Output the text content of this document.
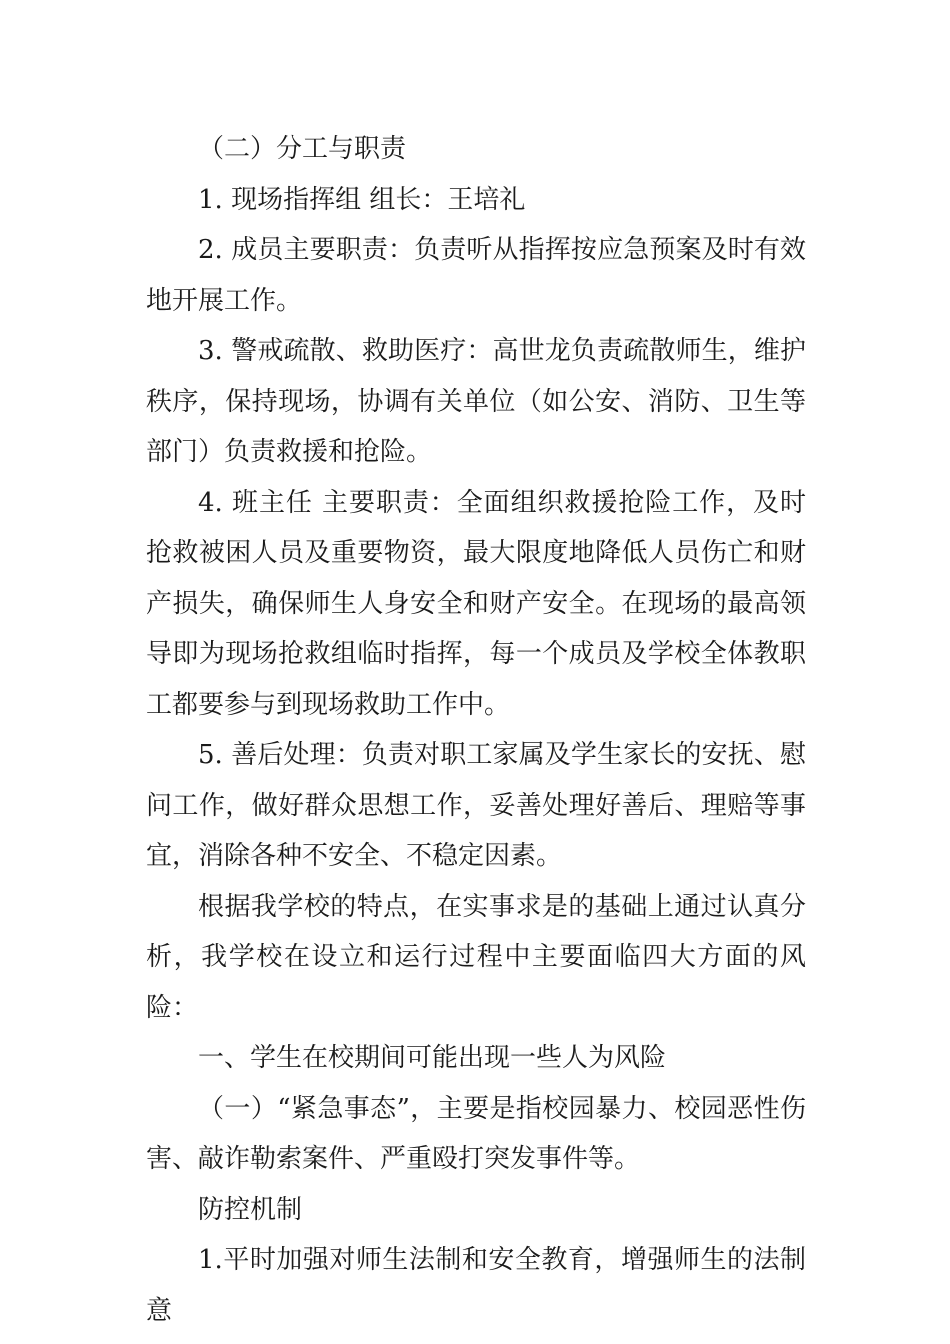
（二）分工与职责

1. 现场指挥组 组长：王培礼

2. 成员主要职责：负责听从指挥按应急预案及时有效地开展工作。

3. 警戒疏散、救助医疗：高世龙负责疏散师生，维护秩序，保持现场，协调有关单位（如公安、消防、卫生等部门）负责救援和抢险。

4. 班主任 主要职责：全面组织救援抢险工作，及时抢救被困人员及重要物资，最大限度地降低人员伤亡和财产损失，确保师生人身安全和财产安全。在现场的最高领导即为现场抢救组临时指挥，每一个成员及学校全体教职工都要参与到现场救助工作中。

5. 善后处理：负责对职工家属及学生家长的安抚、慰问工作，做好群众思想工作，妥善处理好善后、理赔等事宜，消除各种不安全、不稳定因素。

根据我学校的特点，在实事求是的基础上通过认真分析，我学校在设立和运行过程中主要面临四大方面的风险：

一、学生在校期间可能出现一些人为风险

（一）“紧急事态”，主要是指校园暴力、校园恶性伤害、敲诈勒索案件、严重殴打突发事件等。

防控机制

1.平时加强对师生法制和安全教育，增强师生的法制意
